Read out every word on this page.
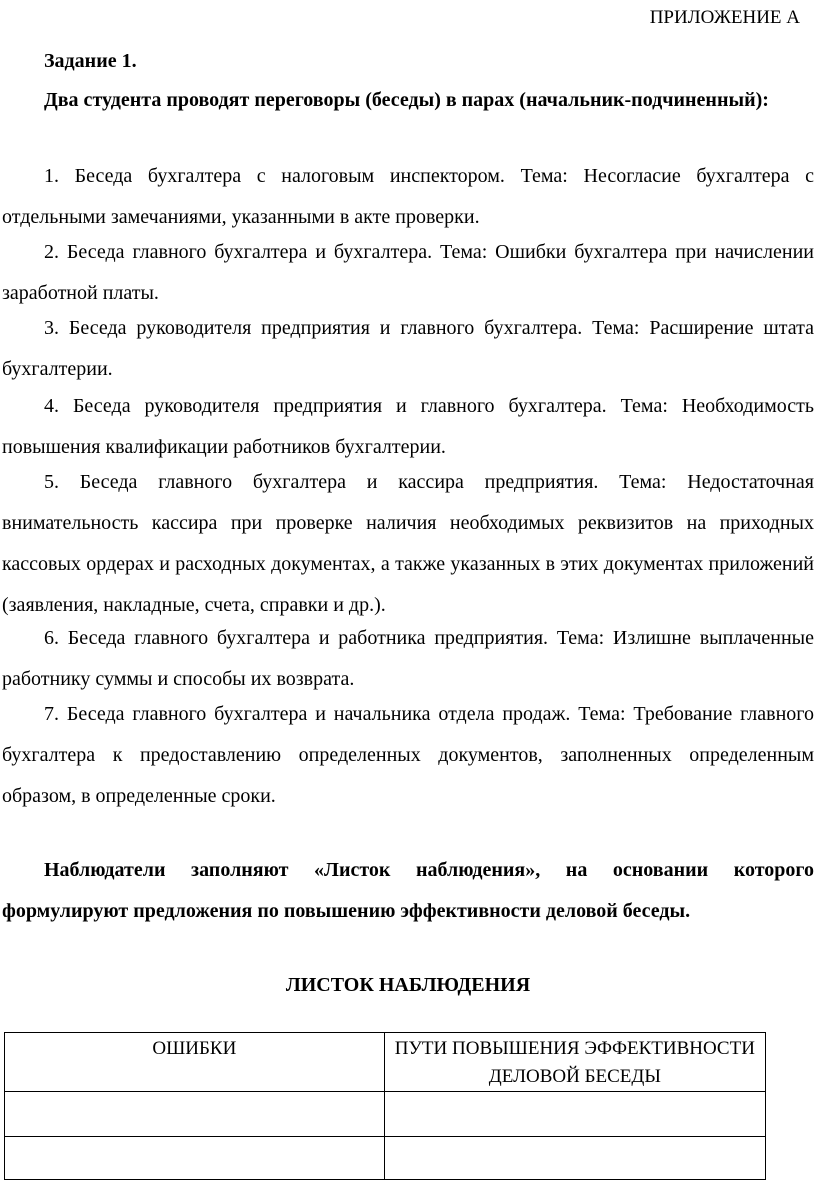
ПРИЛОЖЕНИЕ А
Задание 1.

Два студента проводят переговоры (беседы) в парах (начальник-подчиненный):

1. Беседа бухгалтера с налоговым инспектором. Тема: Несогласие бухгалтера с отдельными замечаниями, указанными в акте проверки.

2. Беседа главного бухгалтера и бухгалтера. Тема: Ошибки бухгалтера при начислении заработной платы.

3. Беседа руководителя предприятия и главного бухгалтера. Тема: Расширение штата бухгалтерии.

4. Беседа руководителя предприятия и главного бухгалтера. Тема: Необходимость повышения квалификации работников бухгалтерии.

5. Беседа главного бухгалтера и кассира предприятия. Тема: Недостаточная внимательность кассира при проверке наличия необходимых реквизитов на приходных кассовых ордерах и расходных документах, а также указанных в этих документах приложений (заявления, накладные, счета, справки и др.).

6. Беседа главного бухгалтера и работника предприятия. Тема: Излишне выплаченные работнику суммы и способы их возврата.

7. Беседа главного бухгалтера и начальника отдела продаж. Тема: Требование главного бухгалтера к предоставлению определенных документов, заполненных определенным образом, в определенные сроки.

Наблюдатели заполняют «Листок наблюдения», на основании которого формулируют предложения по повышению эффективности деловой беседы.

ЛИСТОК НАБЛЮДЕНИЯ
ОШИБКИ	ПУТИ ПОВЫШЕНИЯ ЭФФЕКТИВНОСТИ ДЕЛОВОЙ БЕСЕДЫ
